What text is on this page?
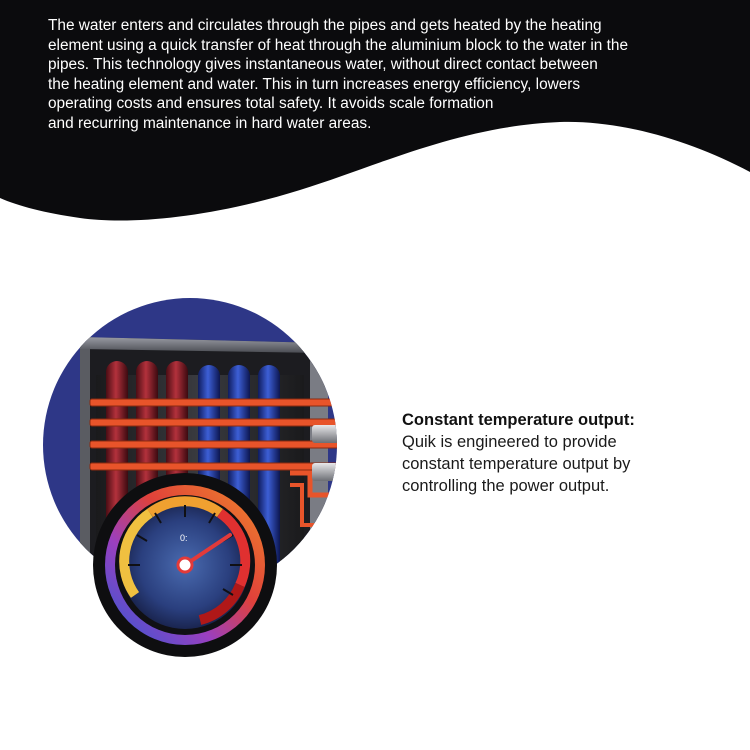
The water enters and circulates through the pipes and gets heated by the heating
element using a quick transfer of heat through the aluminium block to the water in the
pipes. This technology gives instantaneous water, without direct contact between
the heating element and water. This in turn increases energy efficiency, lowers
operating costs and ensures total safety. It avoids scale formation
and recurring maintenance in hard water areas.
0:
Constant temperature output:

Quik is engineered to provide
constant temperature output by
controlling the power output.
